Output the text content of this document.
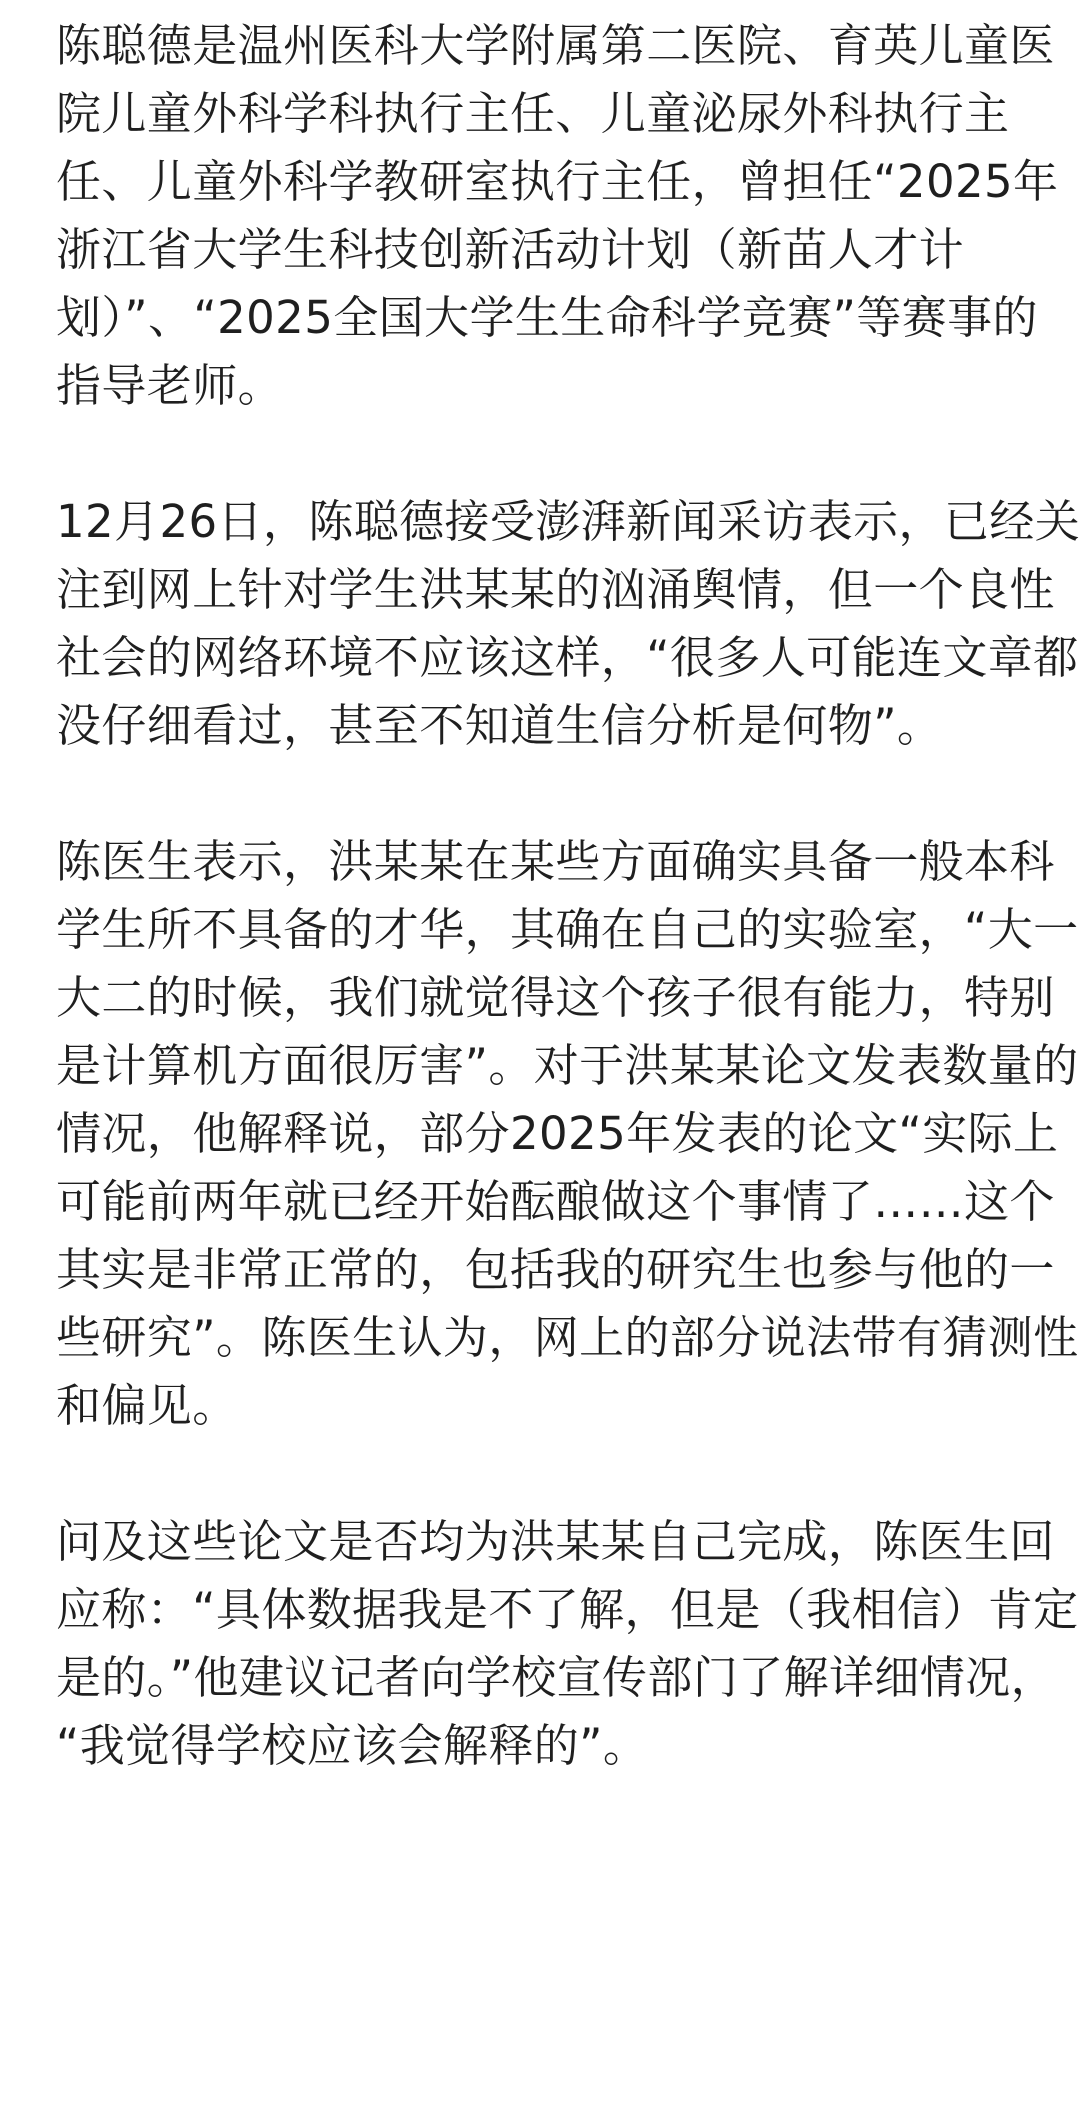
陈聪德是温州医科大学附属第二医院、育英儿童医
院儿童外科学科执行主任、儿童泌尿外科执行主
任、儿童外科学教研室执行主任，曾担任“2025年
浙江省大学生科技创新活动计划（新苗人才计
划）”、“2025全国大学生生命科学竞赛”等赛事的
指导老师。

12月26日，陈聪德接受澎湃新闻采访表示，已经关
注到网上针对学生洪某某的汹涌舆情，但一个良性
社会的网络环境不应该这样，“很多人可能连文章都
没仔细看过，甚至不知道生信分析是何物”。

陈医生表示，洪某某在某些方面确实具备一般本科
学生所不具备的才华，其确在自己的实验室，“大一
大二的时候，我们就觉得这个孩子很有能力，特别
是计算机方面很厉害”。对于洪某某论文发表数量的
情况，他解释说，部分2025年发表的论文“实际上
可能前两年就已经开始酝酿做这个事情了……这个
其实是非常正常的，包括我的研究生也参与他的一
些研究”。陈医生认为，网上的部分说法带有猜测性
和偏见。

问及这些论文是否均为洪某某自己完成，陈医生回
应称：“具体数据我是不了解，但是（我相信）肯定
是的。”他建议记者向学校宣传部门了解详细情况，
“我觉得学校应该会解释的”。
